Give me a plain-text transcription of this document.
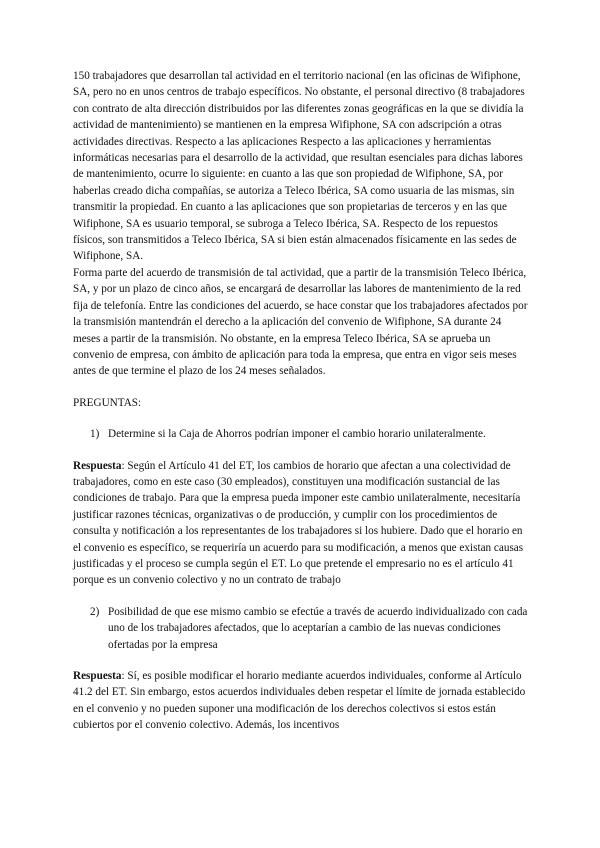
150 trabajadores que desarrollan tal actividad en el territorio nacional (en las oficinas de Wifiphone, SA, pero no en unos centros de trabajo específicos. No obstante, el personal directivo (8 trabajadores con contrato de alta dirección distribuidos por las diferentes zonas geográficas en la que se dividía la actividad de mantenimiento) se mantienen en la empresa Wifiphone, SA con adscripción a otras actividades directivas. Respecto a las aplicaciones Respecto a las aplicaciones y herramientas informáticas necesarias para el desarrollo de la actividad, que resultan esenciales para dichas labores de mantenimiento, ocurre lo siguiente: en cuanto a las que son propiedad de Wifiphone, SA, por haberlas creado dicha compañías, se autoriza a Teleco Ibérica, SA como usuaria de las mismas, sin transmitir la propiedad. En cuanto a las aplicaciones que son propietarias de terceros y en las que Wifiphone, SA es usuario temporal, se subroga a Teleco Ibérica, SA. Respecto de los repuestos físicos, son transmitidos a Teleco Ibérica, SA si bien están almacenados físicamente en las sedes de Wifiphone, SA.

Forma parte del acuerdo de transmisión de tal actividad, que a partir de la transmisión Teleco Ibérica, SA, y por un plazo de cinco años, se encargará de desarrollar las labores de mantenimiento de la red fija de telefonía. Entre las condiciones del acuerdo, se hace constar que los trabajadores afectados por la transmisión mantendrán el derecho a la aplicación del convenio de Wifiphone, SA durante 24 meses a partir de la transmisión. No obstante, en la empresa Teleco Ibérica, SA se aprueba un convenio de empresa, con ámbito de aplicación para toda la empresa, que entra en vigor seis meses antes de que termine el plazo de los 24 meses señalados.

PREGUNTAS:

1) Determine si la Caja de Ahorros podrían imponer el cambio horario unilateralmente.

Respuesta: Según el Artículo 41 del ET, los cambios de horario que afectan a una colectividad de trabajadores, como en este caso (30 empleados), constituyen una modificación sustancial de las condiciones de trabajo. Para que la empresa pueda imponer este cambio unilateralmente, necesitaría justificar razones técnicas, organizativas o de producción, y cumplir con los procedimientos de consulta y notificación a los representantes de los trabajadores si los hubiere. Dado que el horario en el convenio es específico, se requeriría un acuerdo para su modificación, a menos que existan causas justificadas y el proceso se cumpla según el ET. Lo que pretende el empresario no es el artículo 41 porque es un convenio colectivo y no un contrato de trabajo

2) Posibilidad de que ese mismo cambio se efectúe a través de acuerdo individualizado con cada uno de los trabajadores afectados, que lo aceptarían a cambio de las nuevas condiciones ofertadas por la empresa

Respuesta: Sí, es posible modificar el horario mediante acuerdos individuales, conforme al Artículo 41.2 del ET. Sin embargo, estos acuerdos individuales deben respetar el límite de jornada establecido en el convenio y no pueden suponer una modificación de los derechos colectivos si estos están cubiertos por el convenio colectivo. Además, los incentivos
